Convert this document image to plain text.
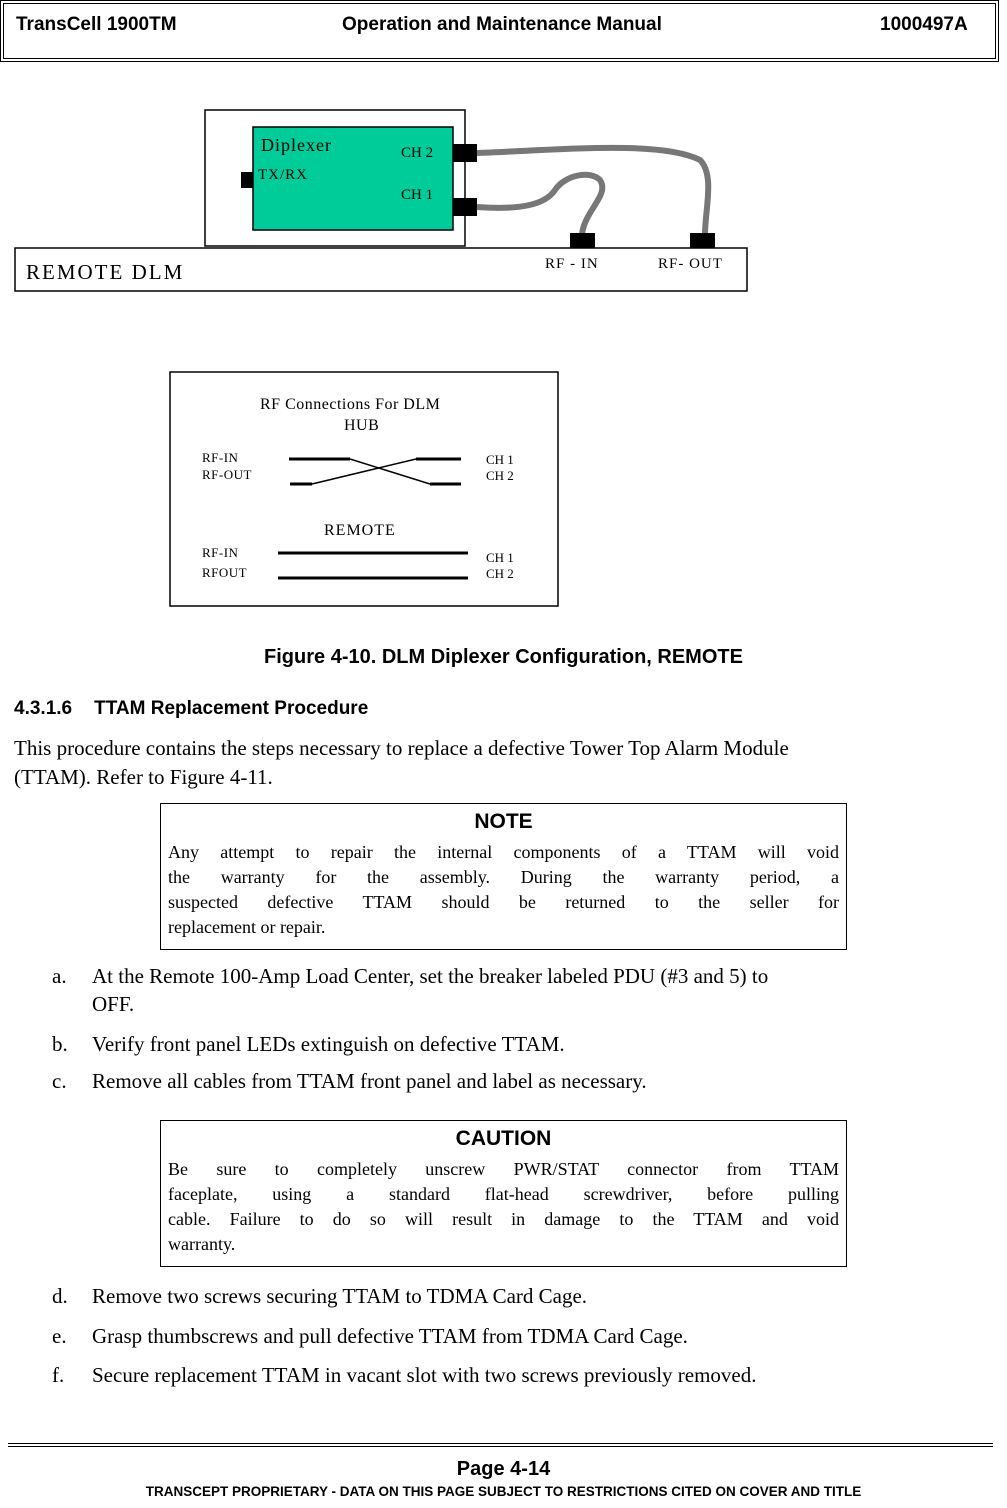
TransCell 1900TM	Operation and Maintenance Manual	1000497A
Diplexer
TX/RX
CH 2
CH 1
REMOTE DLM	RF - IN	RF- OUT
RF Connections For DLM
HUB
RF-IN
RF-OUT
CH 1
CH 2
REMOTE
RF-IN
RFOUT
CH 1
CH 2
Figure 4-10. DLM Diplexer Configuration, REMOTE
4.3.1.6 TTAM Replacement Procedure
This procedure contains the steps necessary to replace a defective Tower Top Alarm Module
(TTAM). Refer to Figure 4-11.
NOTE
Any attempt to repair the internal components of a TTAM will void
the warranty for the assembly. During the warranty period, a
suspected defective TTAM should be returned to the seller for
replacement or repair.
a. At the Remote 100-Amp Load Center, set the breaker labeled PDU (#3 and 5) to
OFF.
b. Verify front panel LEDs extinguish on defective TTAM.
c. Remove all cables from TTAM front panel and label as necessary.
CAUTION
Be sure to completely unscrew PWR/STAT connector from TTAM
faceplate, using a standard flat-head screwdriver, before pulling
cable. Failure to do so will result in damage to the TTAM and void
warranty.
d. Remove two screws securing TTAM to TDMA Card Cage.
e. Grasp thumbscrews and pull defective TTAM from TDMA Card Cage.
f. Secure replacement TTAM in vacant slot with two screws previously removed.
Page 4-14
TRANSCEPT PROPRIETARY - DATA ON THIS PAGE SUBJECT TO RESTRICTIONS CITED ON COVER AND TITLE
